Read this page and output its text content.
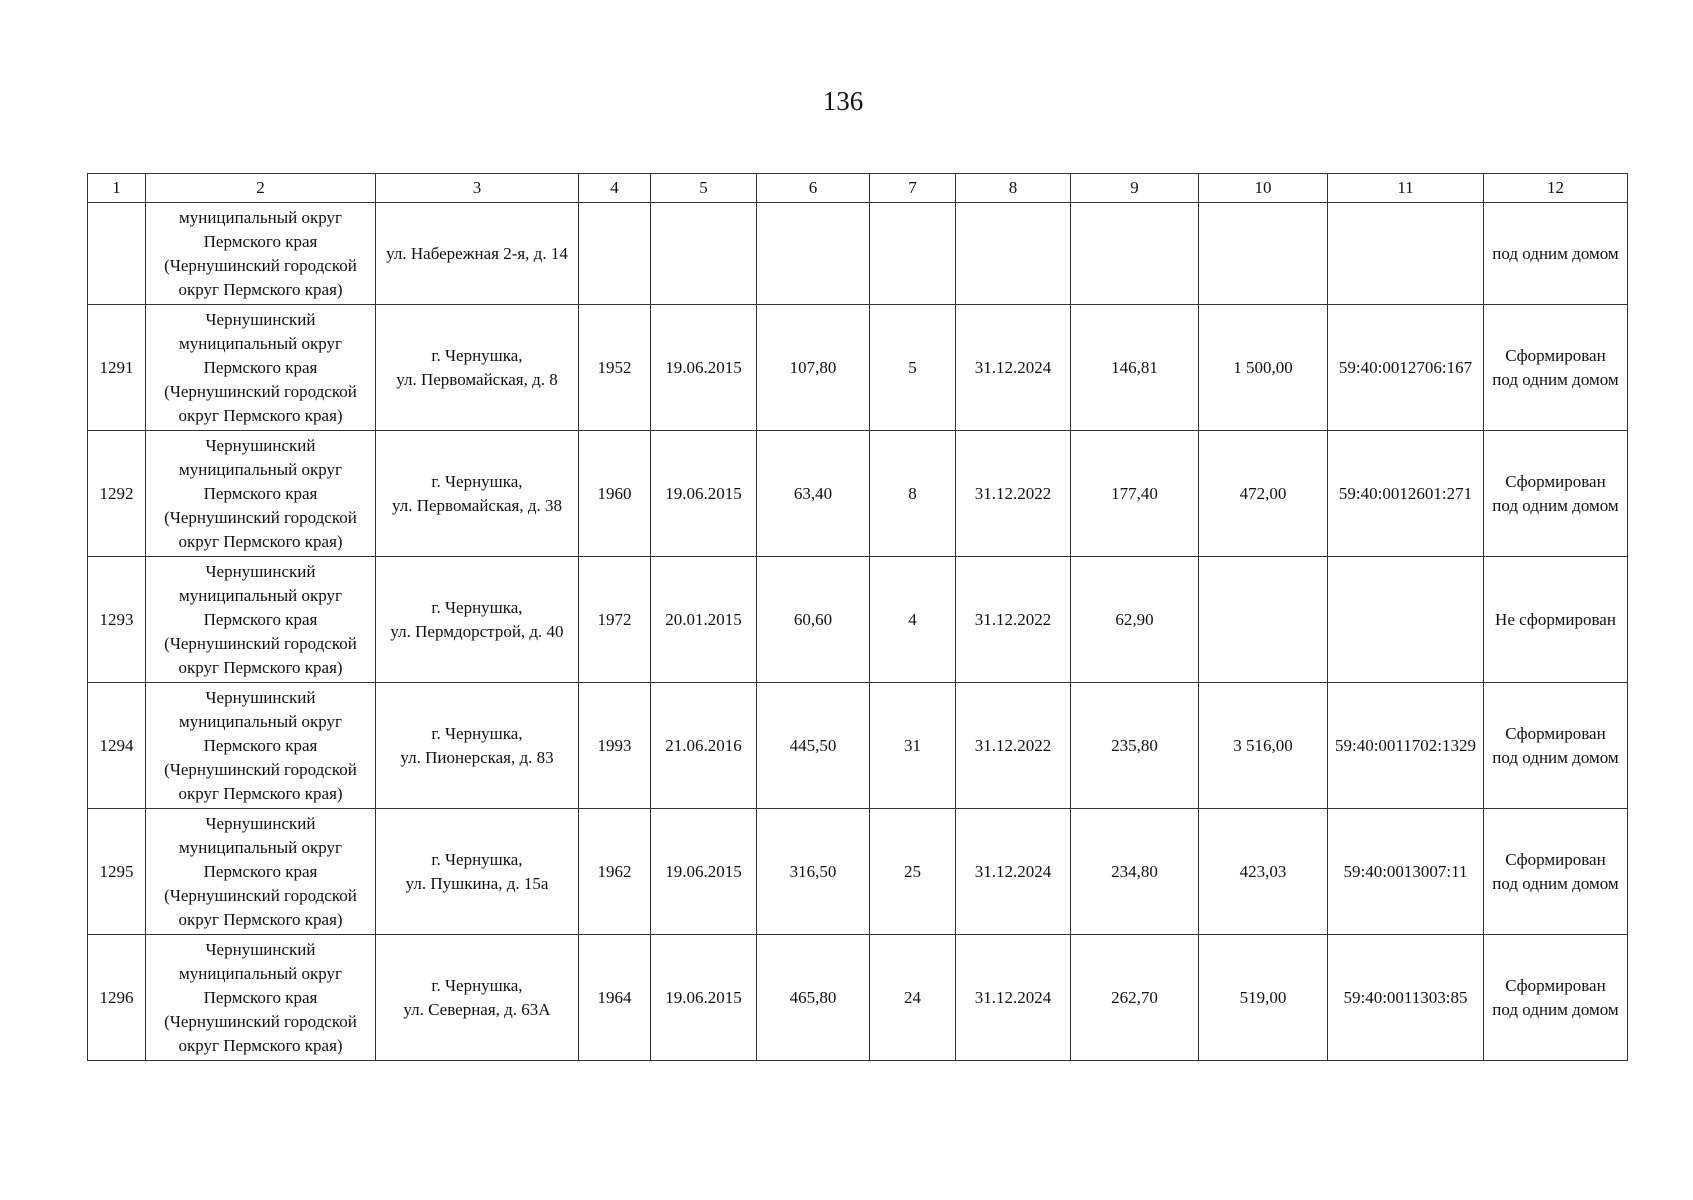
136
1	2	3	4	5	6	7	8	9	10	11	12
	муниципальный округ
Пермского края
(Чернушинский городской
округ Пермского края)	ул. Набережная 2-я, д. 14									под одним домом
1291	Чернушинский
муниципальный округ
Пермского края
(Чернушинский городской
округ Пермского края)	г. Чернушка,
ул. Первомайская, д. 8	1952	19.06.2015	107,80	5	31.12.2024	146,81	1 500,00	59:40:0012706:167	Сформирован
под одним домом
1292	Чернушинский
муниципальный округ
Пермского края
(Чернушинский городской
округ Пермского края)	г. Чернушка,
ул. Первомайская, д. 38	1960	19.06.2015	63,40	8	31.12.2022	177,40	472,00	59:40:0012601:271	Сформирован
под одним домом
1293	Чернушинский
муниципальный округ
Пермского края
(Чернушинский городской
округ Пермского края)	г. Чернушка,
ул. Пермдорстрой, д. 40	1972	20.01.2015	60,60	4	31.12.2022	62,90			Не сформирован
1294	Чернушинский
муниципальный округ
Пермского края
(Чернушинский городской
округ Пермского края)	г. Чернушка,
ул. Пионерская, д. 83	1993	21.06.2016	445,50	31	31.12.2022	235,80	3 516,00	59:40:0011702:1329	Сформирован
под одним домом
1295	Чернушинский
муниципальный округ
Пермского края
(Чернушинский городской
округ Пермского края)	г. Чернушка,
ул. Пушкина, д. 15а	1962	19.06.2015	316,50	25	31.12.2024	234,80	423,03	59:40:0013007:11	Сформирован
под одним домом
1296	Чернушинский
муниципальный округ
Пермского края
(Чернушинский городской
округ Пермского края)	г. Чернушка,
ул. Северная, д. 63А	1964	19.06.2015	465,80	24	31.12.2024	262,70	519,00	59:40:0011303:85	Сформирован
под одним домом
